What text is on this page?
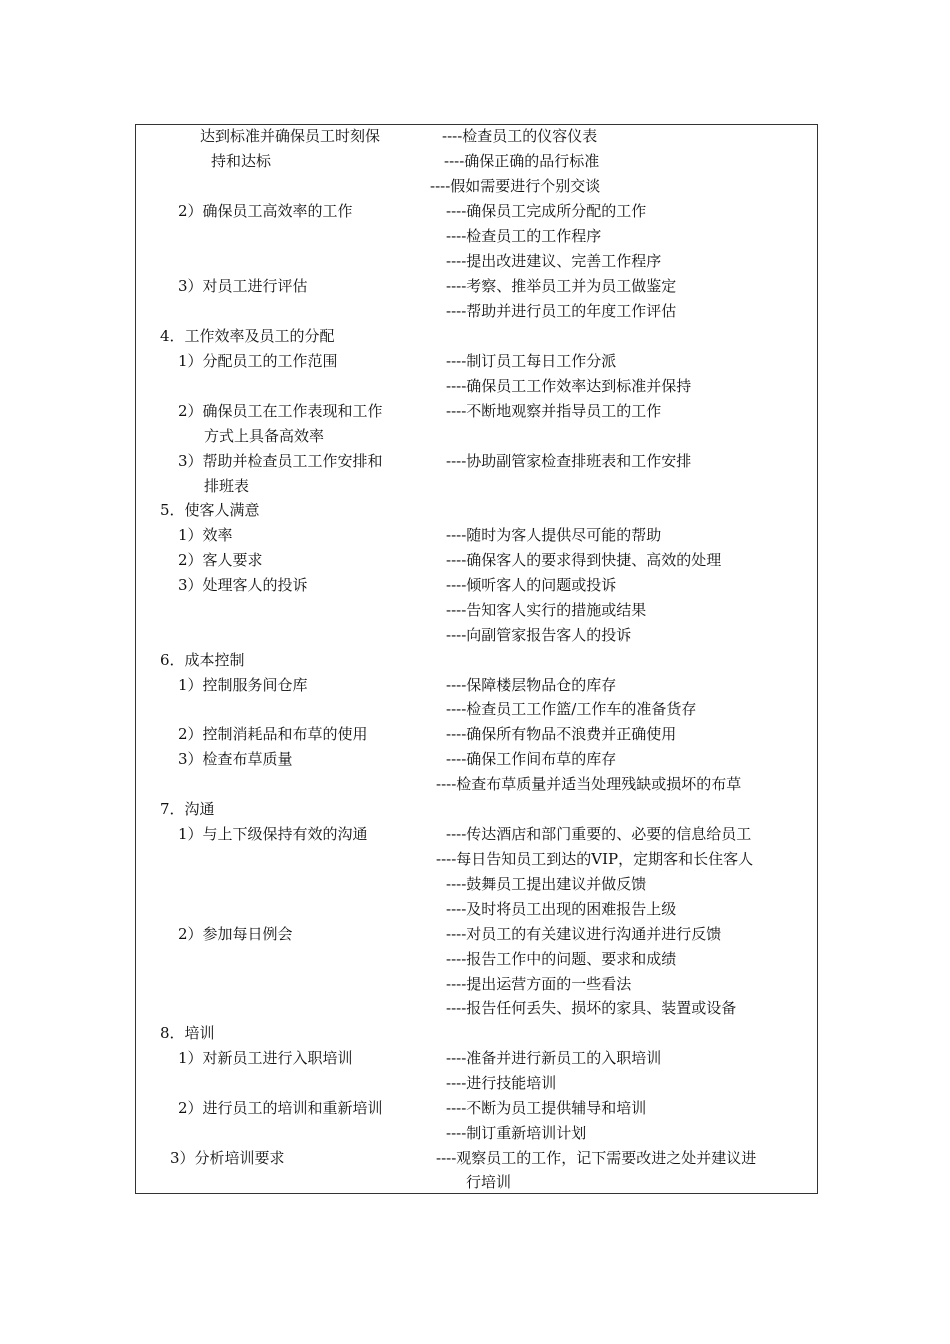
达到标准并确保员工时刻保	----检查员工的仪容仪表
持和达标	----确保正确的品行标准
----假如需要进行个别交谈
2）确保员工高效率的工作	----确保员工完成所分配的工作
----检查员工的工作程序
----提出改进建议、完善工作程序
3）对员工进行评估	----考察、推举员工并为员工做鉴定
----帮助并进行员工的年度工作评估
4．工作效率及员工的分配
1）分配员工的工作范围	----制订员工每日工作分派
----确保员工工作效率达到标准并保持
2）确保员工在工作表现和工作	----不断地观察并指导员工的工作
方式上具备高效率
3）帮助并检查员工工作安排和	----协助副管家检查排班表和工作安排
排班表
5．使客人满意
1）效率	----随时为客人提供尽可能的帮助
2）客人要求	----确保客人的要求得到快捷、高效的处理
3）处理客人的投诉	----倾听客人的问题或投诉
----告知客人实行的措施或结果
----向副管家报告客人的投诉
6．成本控制
1）控制服务间仓库	----保障楼层物品仓的库存
----检查员工工作篮/工作车的准备货存
2）控制消耗品和布草的使用	----确保所有物品不浪费并正确使用
3）检查布草质量	----确保工作间布草的库存
----检查布草质量并适当处理残缺或损坏的布草
7．沟通
1）与上下级保持有效的沟通	----传达酒店和部门重要的、必要的信息给员工
----每日告知员工到达的VIP，定期客和长住客人
----鼓舞员工提出建议并做反馈
----及时将员工出现的困难报告上级
2）参加每日例会	----对员工的有关建议进行沟通并进行反馈
----报告工作中的问题、要求和成绩
----提出运营方面的一些看法
----报告任何丢失、损坏的家具、装置或设备
8．培训
1）对新员工进行入职培训	----准备并进行新员工的入职培训
----进行技能培训
2）进行员工的培训和重新培训	----不断为员工提供辅导和培训
----制订重新培训计划
3）分析培训要求	----观察员工的工作，记下需要改进之处并建议进
行培训
